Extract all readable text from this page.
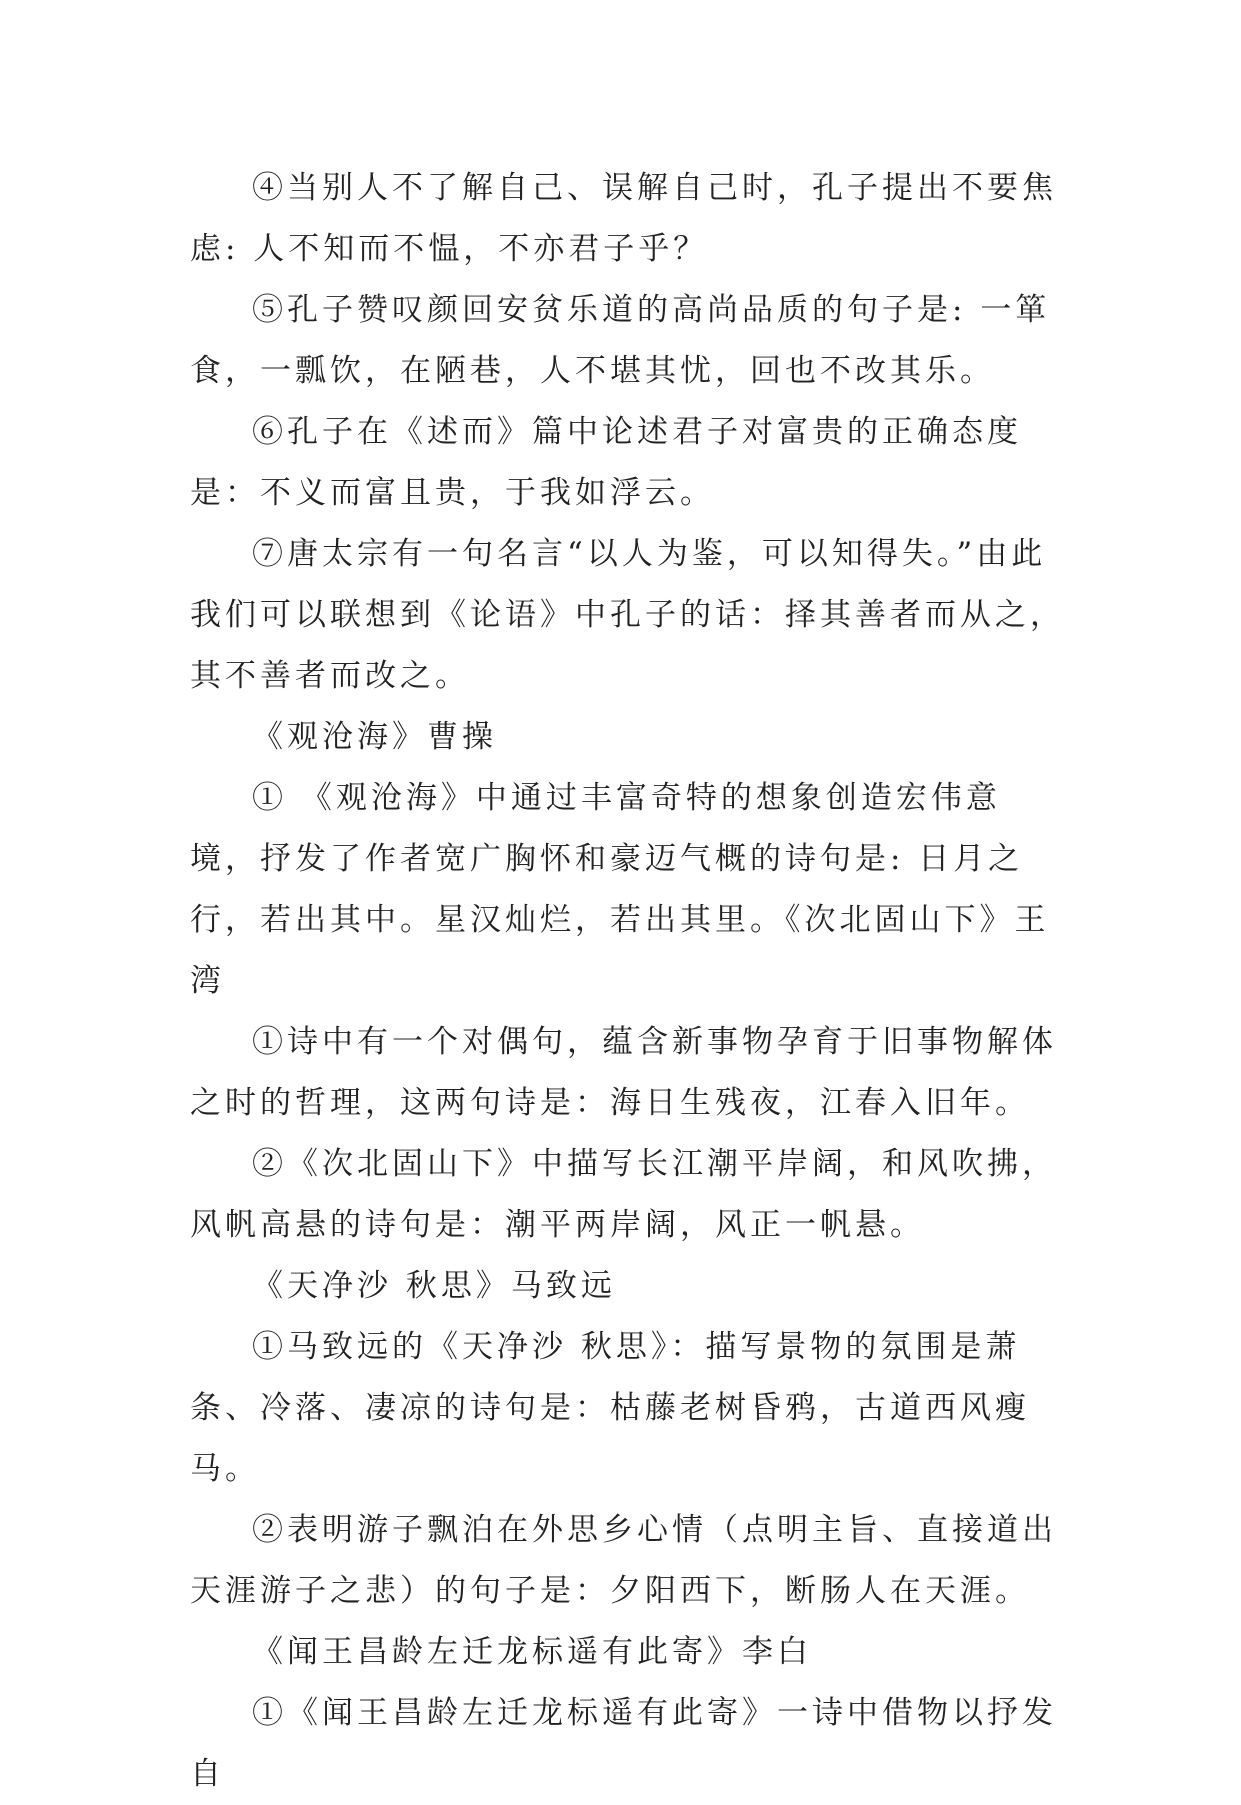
④当别人不了解自己、误解自己时，孔子提出不要焦虑: 人不知而不愠，不亦君子乎？

⑤孔子赞叹颜回安贫乐道的高尚品质的句子是: 一箪食，一瓢饮，在陋巷，人不堪其忧，回也不改其乐。

⑥孔子在《述而》篇中论述君子对富贵的正确态度是：不义而富且贵，于我如浮云。

⑦唐太宗有一句名言“以人为鉴，可以知得失。”由此我们可以联想到《论语》中孔子的话：择其善者而从之，其不善者而改之。

《观沧海》曹操

① 《观沧海》中通过丰富奇特的想象创造宏伟意境，抒发了作者宽广胸怀和豪迈气概的诗句是: 日月之行，若出其中。星汉灿烂，若出其里。《次北固山下》王湾

①诗中有一个对偶句，蕴含新事物孕育于旧事物解体之时的哲理，这两句诗是：海日生残夜，江春入旧年。

②《次北固山下》中描写长江潮平岸阔，和风吹拂，风帆高悬的诗句是：潮平两岸阔，风正一帆悬。

《天净沙 秋思》马致远

①马致远的《天净沙 秋思》：描写景物的氛围是萧条、冷落、凄凉的诗句是：枯藤老树昏鸦，古道西风瘦马。

②表明游子飘泊在外思乡心情（点明主旨、直接道出天涯游子之悲）的句子是：夕阳西下，断肠人在天涯。

《闻王昌龄左迁龙标遥有此寄》李白

①《闻王昌龄左迁龙标遥有此寄》一诗中借物以抒发自
